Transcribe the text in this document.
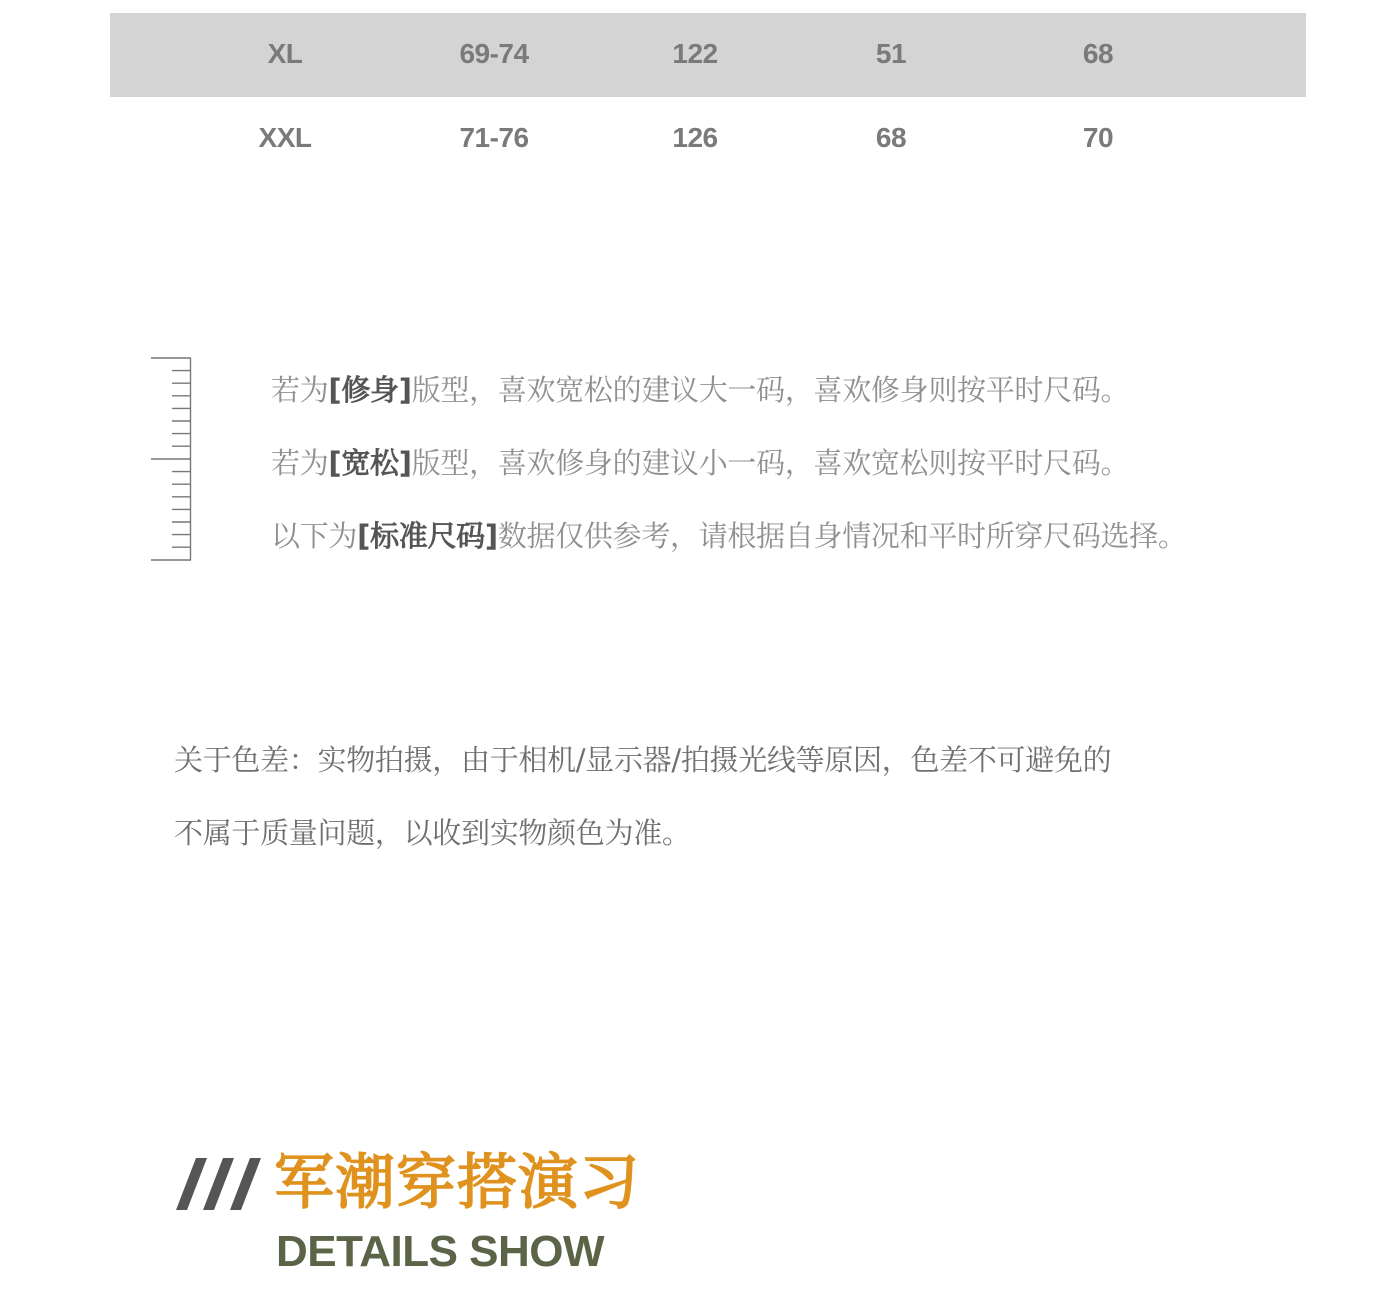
XL	69-74	122	51	68
XXL	71-76	126	68	70
若为[修身]版型，喜欢宽松的建议大一码，喜欢修身则按平时尺码。
若为[宽松]版型，喜欢修身的建议小一码，喜欢宽松则按平时尺码。
以下为[标准尺码]数据仅供参考，请根据自身情况和平时所穿尺码选择。
关于色差：实物拍摄，由于相机/显示器/拍摄光线等原因，色差不可避免的
不属于质量问题，以收到实物颜色为准。
军潮穿搭演习
DETAILS SHOW
